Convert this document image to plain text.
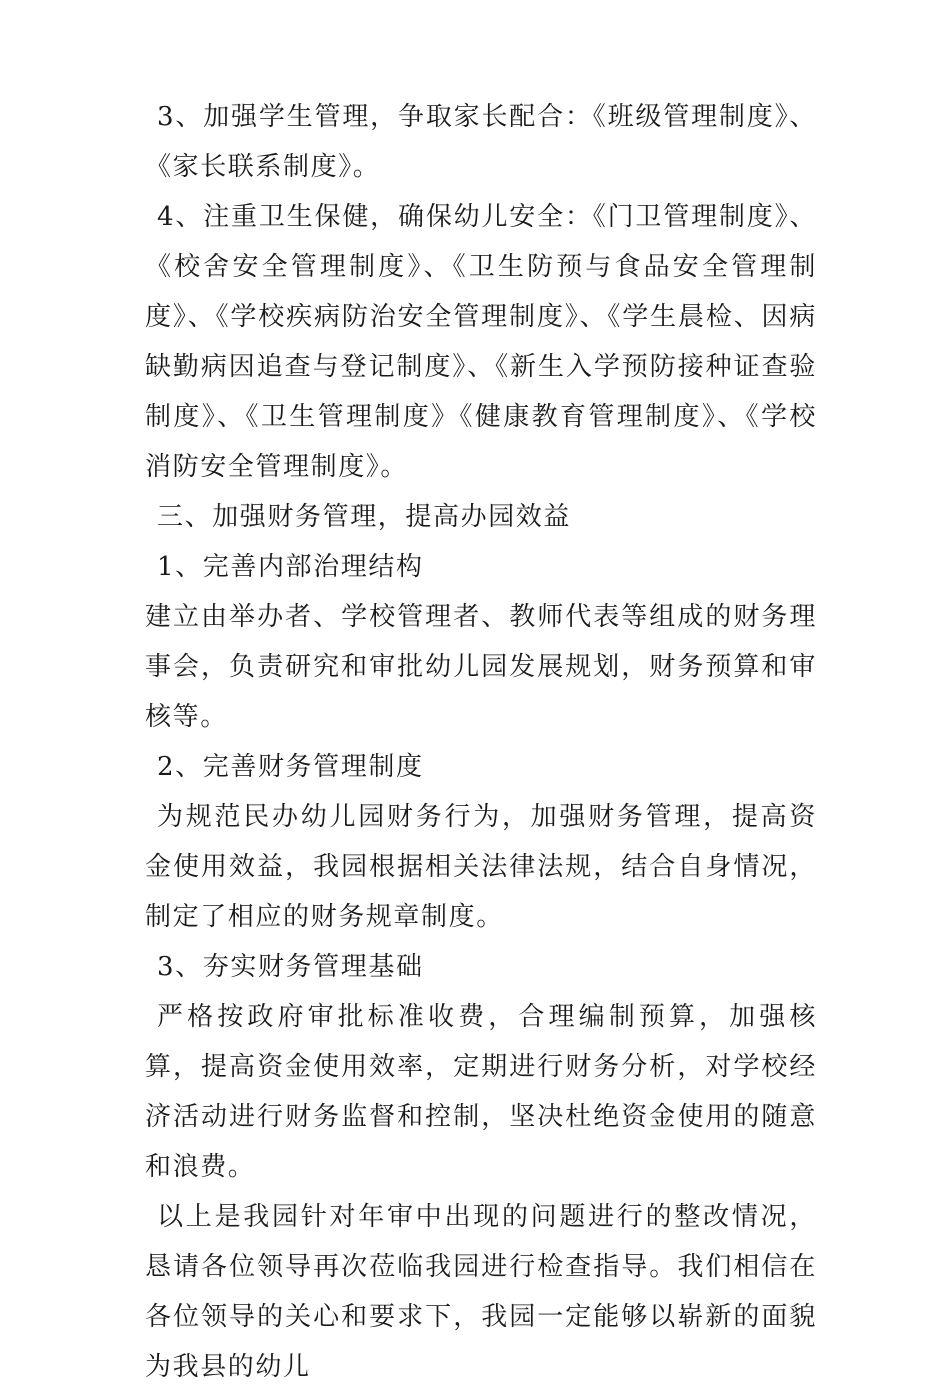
3、加强学生管理，争取家长配合：《班级管理制度》、《家长联系制度》。

4、注重卫生保健，确保幼儿安全：《门卫管理制度》、《校舍安全管理制度》、《卫生防预与食品安全管理制度》、《学校疾病防治安全管理制度》、《学生晨检、因病缺勤病因追查与登记制度》、《新生入学预防接种证查验制度》、《卫生管理制度》《健康教育管理制度》、《学校消防安全管理制度》。

三、加强财务管理，提高办园效益

1、完善内部治理结构

建立由举办者、学校管理者、教师代表等组成的财务理事会，负责研究和审批幼儿园发展规划，财务预算和审核等。

2、完善财务管理制度

为规范民办幼儿园财务行为，加强财务管理，提高资金使用效益，我园根据相关法律法规，结合自身情况，制定了相应的财务规章制度。

3、夯实财务管理基础

严格按政府审批标准收费，合理编制预算，加强核算，提高资金使用效率，定期进行财务分析，对学校经济活动进行财务监督和控制，坚决杜绝资金使用的随意和浪费。

以上是我园针对年审中出现的问题进行的整改情况，恳请各位领导再次莅临我园进行检查指导。我们相信在各位领导的关心和要求下，我园一定能够以崭新的面貌为我县的幼儿
